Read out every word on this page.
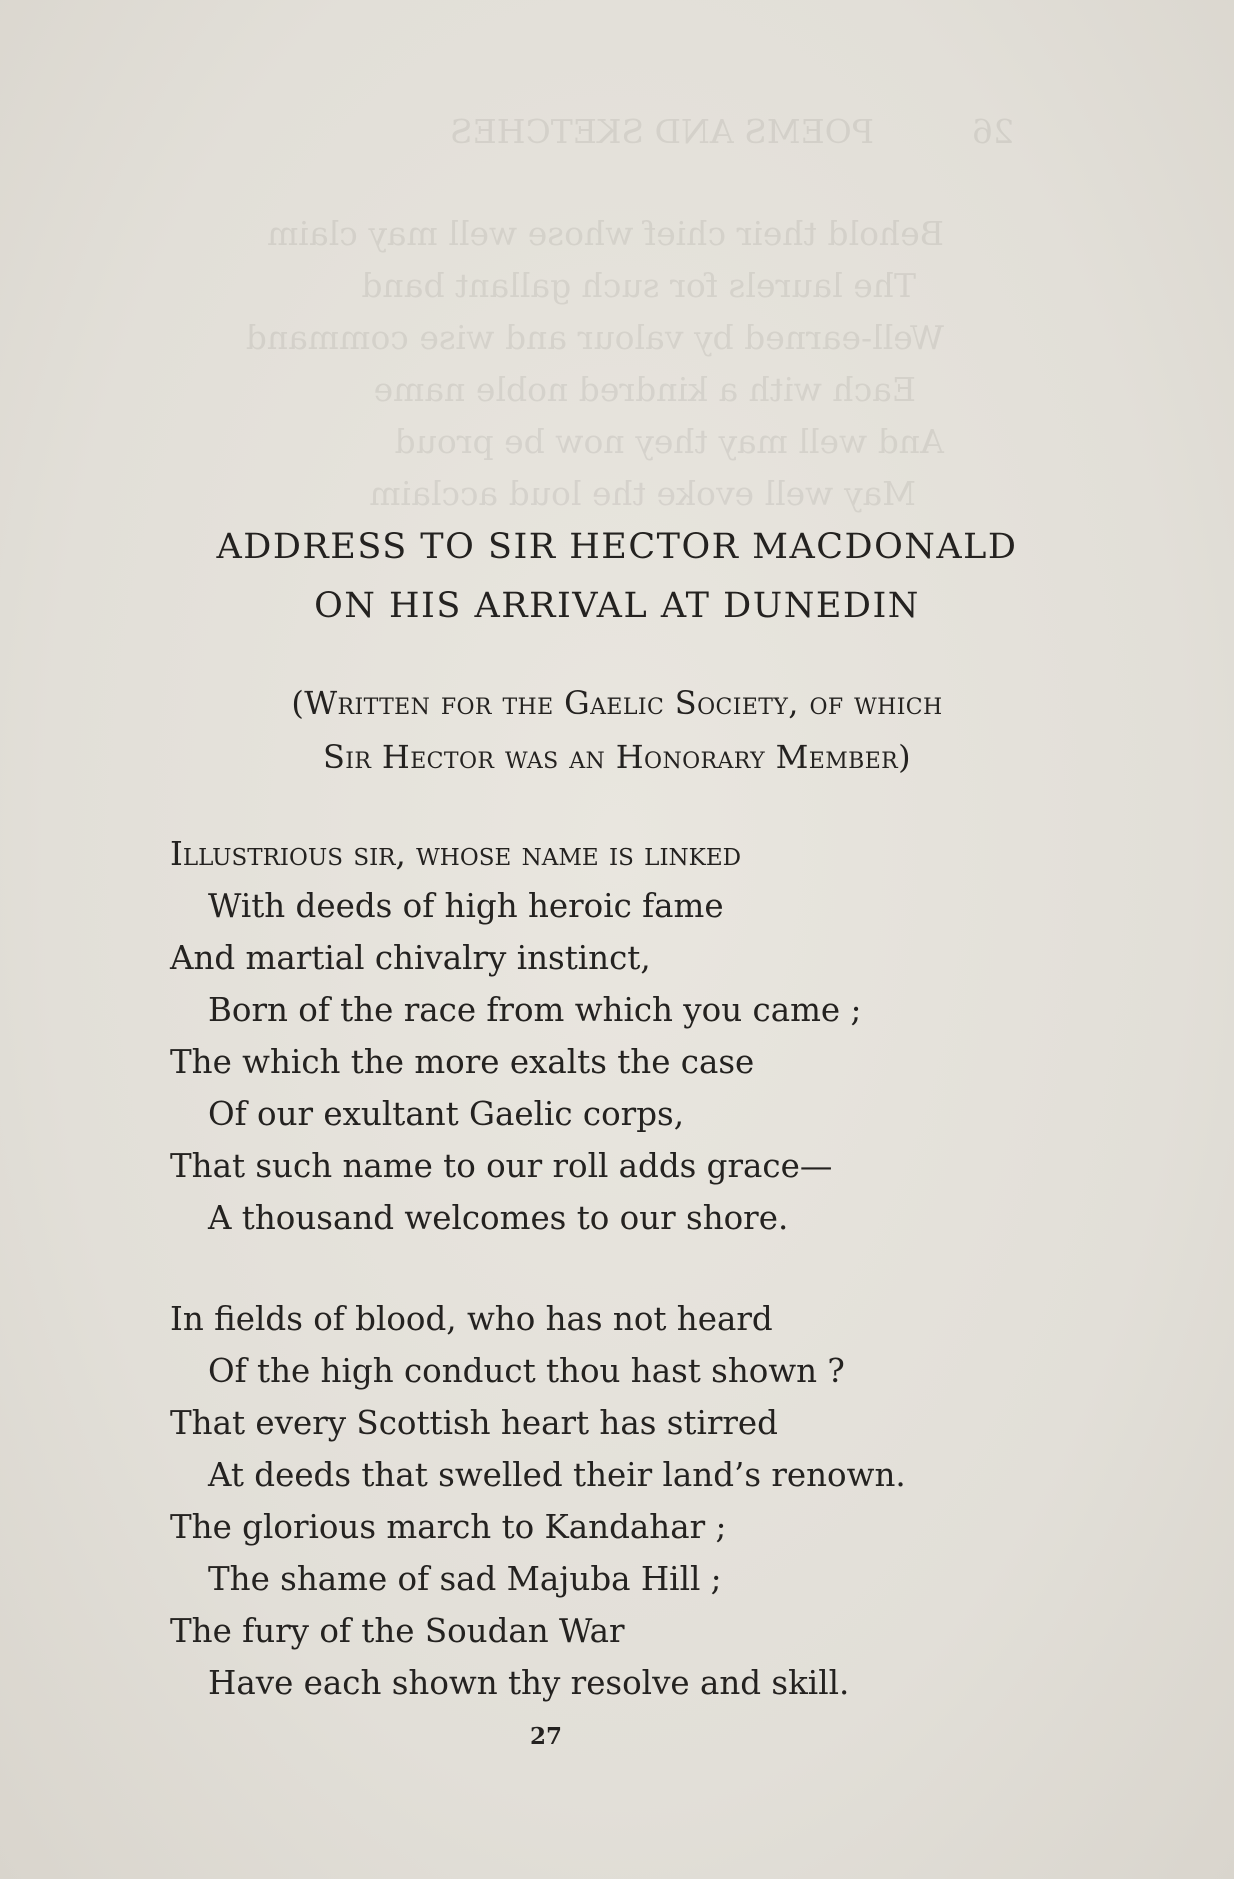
POEMS AND SKETCHES	26
Behold their chief whose well may claim
The laurels for such gallant band
Well-earned by valour and wise command
Each with a kindred noble name
And well may they now be proud
May well evoke the loud acclaim
ADDRESS TO SIR HECTOR MACDONALD
ON HIS ARRIVAL AT DUNEDIN
(Written for the Gaelic Society, of which
Sir Hector was an Honorary Member)
Illustrious sir, whose name is linked
With deeds of high heroic fame
And martial chivalry instinct,
Born of the race from which you came ;
The which the more exalts the case
Of our exultant Gaelic corps,
That such name to our roll adds grace—
A thousand welcomes to our shore.
In fields of blood, who has not heard
Of the high conduct thou hast shown ?
That every Scottish heart has stirred
At deeds that swelled their land’s renown.
The glorious march to Kandahar ;
The shame of sad Majuba Hill ;
The fury of the Soudan War
Have each shown thy resolve and skill.
27
